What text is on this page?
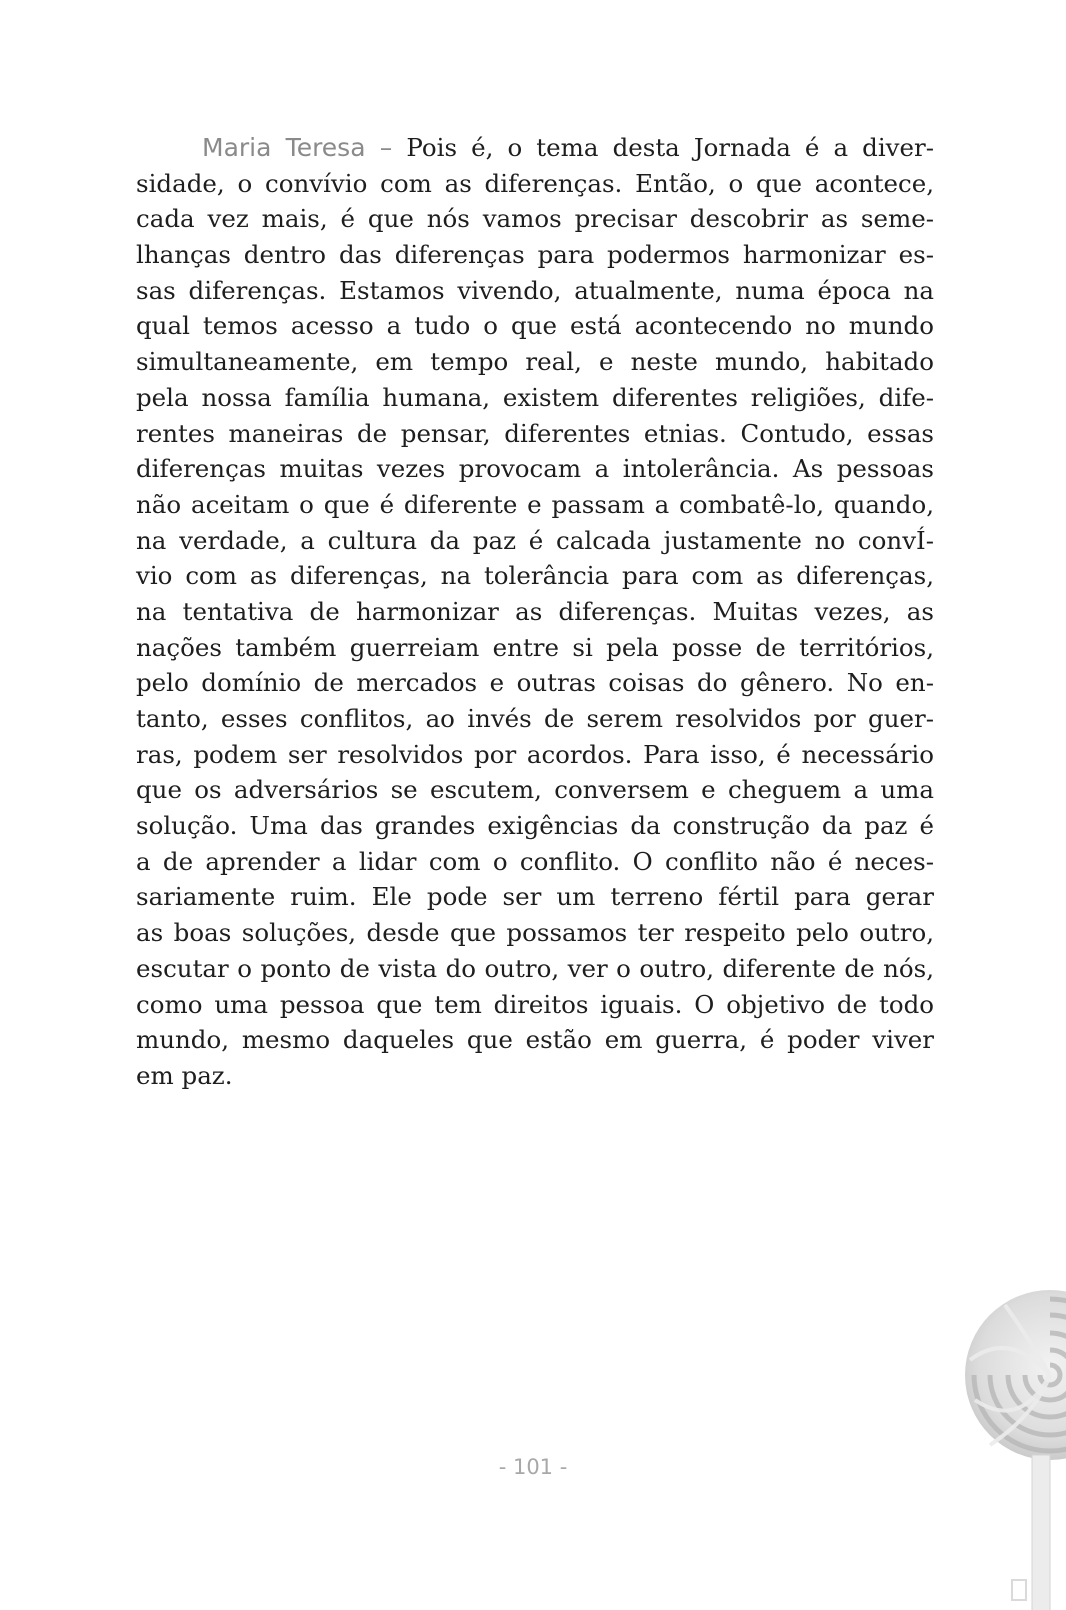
Maria Teresa – Pois é, o tema desta Jornada é a diver-
sidade, o convívio com as diferenças. Então, o que acontece,
cada vez mais, é que nós vamos precisar descobrir as seme-
lhanças dentro das diferenças para podermos harmonizar es-
sas diferenças. Estamos vivendo, atualmente, numa época na
qual temos acesso a tudo o que está acontecendo no mundo
simultaneamente, em tempo real, e neste mundo, habitado
pela nossa família humana, existem diferentes religiões, dife-
rentes maneiras de pensar, diferentes etnias. Contudo, essas
diferenças muitas vezes provocam a intolerância. As pessoas
não aceitam o que é diferente e passam a combatê-lo, quando,
na verdade, a cultura da paz é calcada justamente no convÍ-
vio com as diferenças, na tolerância para com as diferenças,
na tentativa de harmonizar as diferenças. Muitas vezes, as
nações também guerreiam entre si pela posse de territórios,
pelo domínio de mercados e outras coisas do gênero. No en-
tanto, esses conflitos, ao invés de serem resolvidos por guer-
ras, podem ser resolvidos por acordos. Para isso, é necessário
que os adversários se escutem, conversem e cheguem a uma
solução. Uma das grandes exigências da construção da paz é
a de aprender a lidar com o conflito. O conflito não é neces-
sariamente ruim. Ele pode ser um terreno fértil para gerar
as boas soluções, desde que possamos ter respeito pelo outro,
escutar o ponto de vista do outro, ver o outro, diferente de nós,
como uma pessoa que tem direitos iguais. O objetivo de todo
mundo, mesmo daqueles que estão em guerra, é poder viver
em paz.
- 101 -
